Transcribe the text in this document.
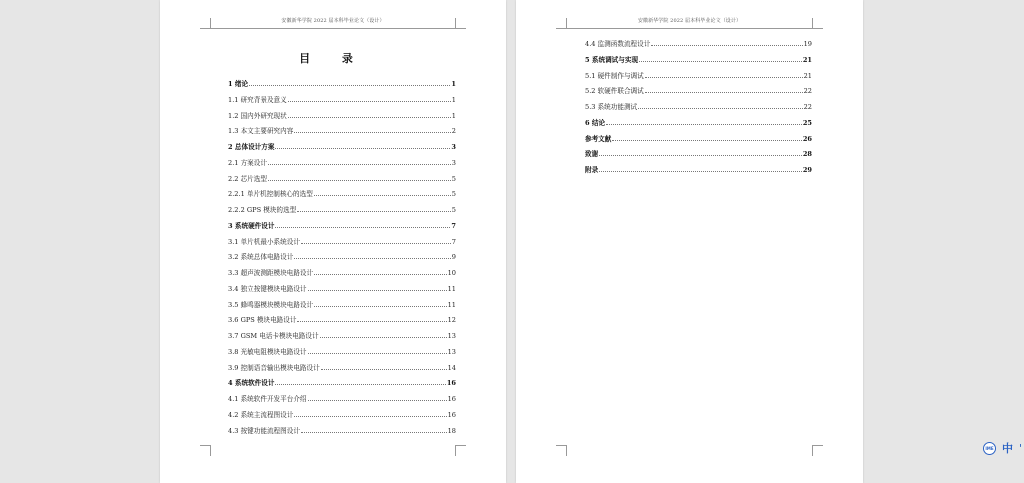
安徽新华学院 2022 届本科毕业论文（设计）
目 录
1 绪论	1
1.1 研究背景及意义	1
1.2 国内外研究现状	1
1.3 本文主要研究内容	2
2 总体设计方案	3
2.1 方案设计	3
2.2 芯片选型	5
2.2.1 单片机控制核心的选型	5
2.2.2 GPS 模块的选型	5
3 系统硬件设计	7
3.1 单片机最小系统设计	7
3.2 系统总体电路设计	9
3.3 超声波测距模块电路设计	10
3.4 独立按键模块电路设计	11
3.5 蜂鸣器模块模块电路设计	11
3.6 GPS 模块电路设计	12
3.7 GSM 电话卡模块电路设计	13
3.8 光敏电阻模块电路设计	13
3.9 控制语音输出模块电路设计	14
4 系统软件设计	16
4.1 系统软件开发平台介绍	16
4.2 系统主流程图设计	16
4.3 按键功能流程图设计	18
安徽新华学院 2022 届本科毕业论文（设计）
4.4 监测函数流程设计	19
5 系统调试与实现	21
5.1 硬件制作与调试	21
5.2 软硬件联合调试	22
5.3 系统功能测试	22
6 结论	25
参考文献	26
致谢	28
附录	29
IME 中 '
